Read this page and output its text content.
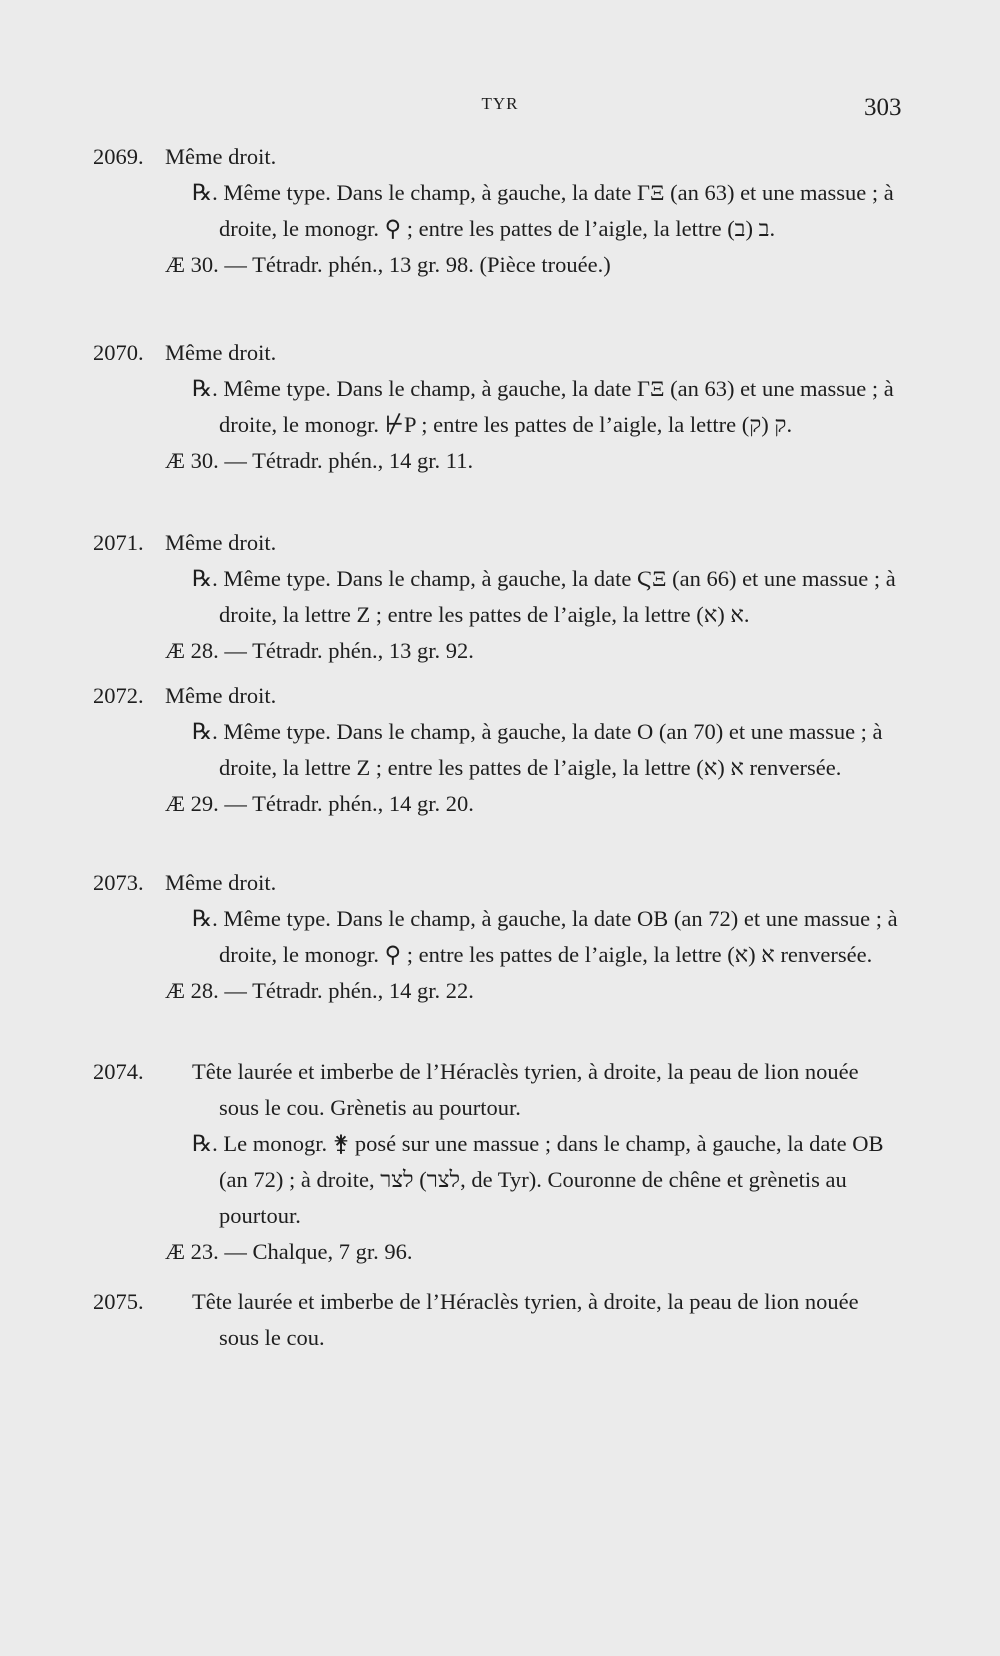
TYR	303
2069. Même droit.
℞. Même type. Dans le champ, à gauche, la date ΓΞ (an 63) et une massue ; à droite, le monogr. ⚲ ; entre les pattes de l’aigle, la lettre ב (ב).
Æ 30. — Tétradr. phén., 13 gr. 98. (Pièce trouée.)
2070. Même droit.
℞. Même type. Dans le champ, à gauche, la date ΓΞ (an 63) et une massue ; à droite, le monogr. ⊬P ; entre les pattes de l’aigle, la lettre ק (ק).
Æ 30. — Tétradr. phén., 14 gr. 11.
2071. Même droit.
℞. Même type. Dans le champ, à gauche, la date ϚΞ (an 66) et une massue ; à droite, la lettre Z ; entre les pattes de l’aigle, la lettre א (א).
Æ 28. — Tétradr. phén., 13 gr. 92.
2072. Même droit.
℞. Même type. Dans le champ, à gauche, la date O (an 70) et une massue ; à droite, la lettre Z ; entre les pattes de l’aigle, la lettre א (א) renversée.
Æ 29. — Tétradr. phén., 14 gr. 20.
2073. Même droit.
℞. Même type. Dans le champ, à gauche, la date OB (an 72) et une massue ; à droite, le monogr. ⚲ ; entre les pattes de l’aigle, la lettre א (א) renversée.
Æ 28. — Tétradr. phén., 14 gr. 22.
2074.	Tête laurée et imberbe de l’Héraclès tyrien, à droite, la peau de lion nouée sous le cou. Grènetis au pourtour.
℞. Le monogr. ⚵ posé sur une massue ; dans le champ, à gauche, la date OB (an 72) ; à droite, לצר (לצר, de Tyr). Couronne de chêne et grènetis au pourtour.
Æ 23. — Chalque, 7 gr. 96.
2075.	Tête laurée et imberbe de l’Héraclès tyrien, à droite, la peau de lion nouée sous le cou.
